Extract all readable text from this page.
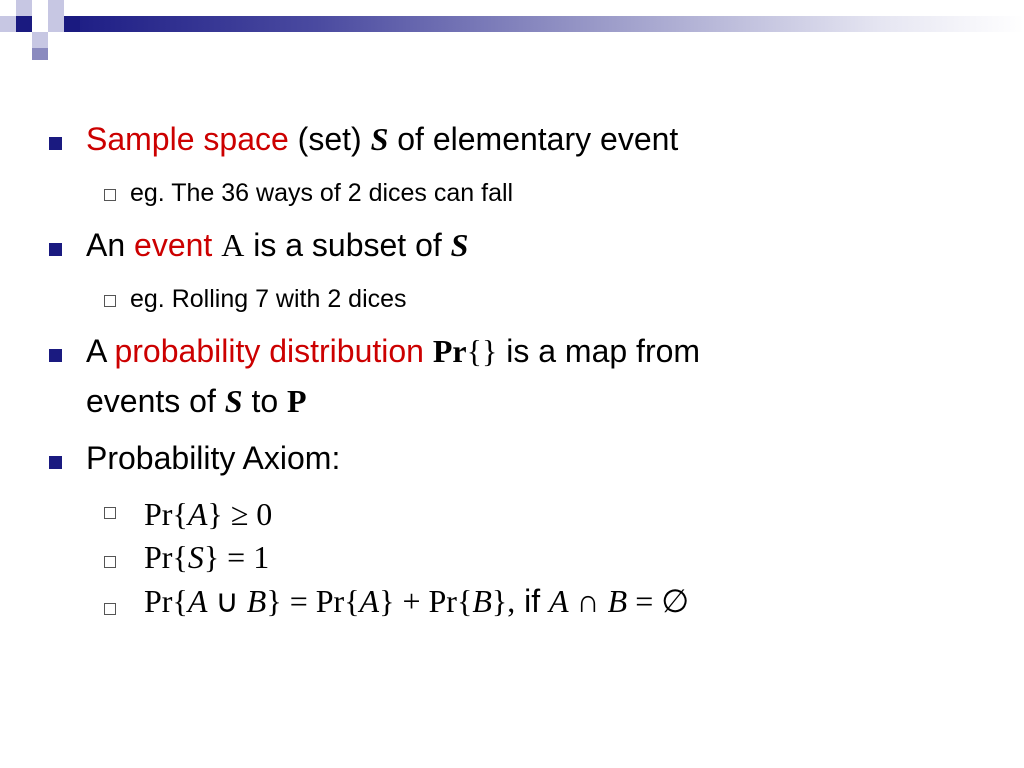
Sample space (set) S of elementary event
eg. The 36 ways of 2 dices can fall
An event A is a subset of S
eg. Rolling 7 with 2 dices
A probability distribution Pr{} is a map from
events of S to P
Probability Axiom:
Pr{A} ≥ 0
Pr{S} = 1
Pr{A ∪ B} = Pr{A} + Pr{B}, if A ∩ B = ∅
